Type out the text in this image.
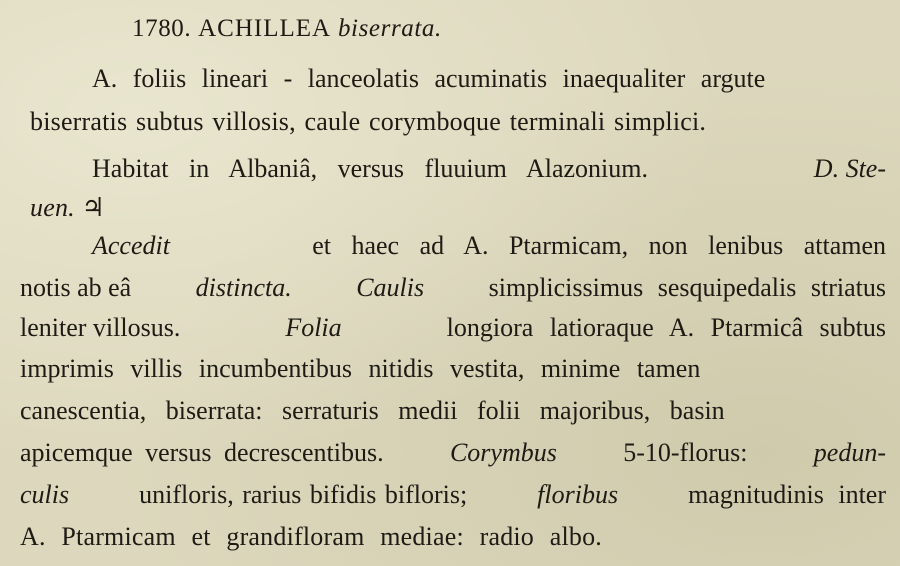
1780. ACHILLEA biserrata.
A. foliis lineari - lanceolatis acuminatis inaequaliter argute
biserratis subtus villosis, caule corymboque terminali simplici.
Habitat in Albaniâ, versus fluuium Alazonium.	D. Ste-
uen. ♃
Accedit	et haec ad A. Ptarmicam, non lenibus attamen
notis ab eâ distincta. Caulis simplicissimus sesquipedalis striatus
leniter villosus.	Folia	longiora latioraque A. Ptarmicâ subtus
imprimis villis incumbentibus nitidis vestita, minime tamen
canescentia, biserrata: serraturis medii folii majoribus, basin
apicemque versus decrescentibus.	Corymbus	5-10-florus:	pedun-
culis	unifloris, rarius bifidis bifloris;	floribus	magnitudinis inter
A. Ptarmicam et grandifloram mediae: radio albo.
